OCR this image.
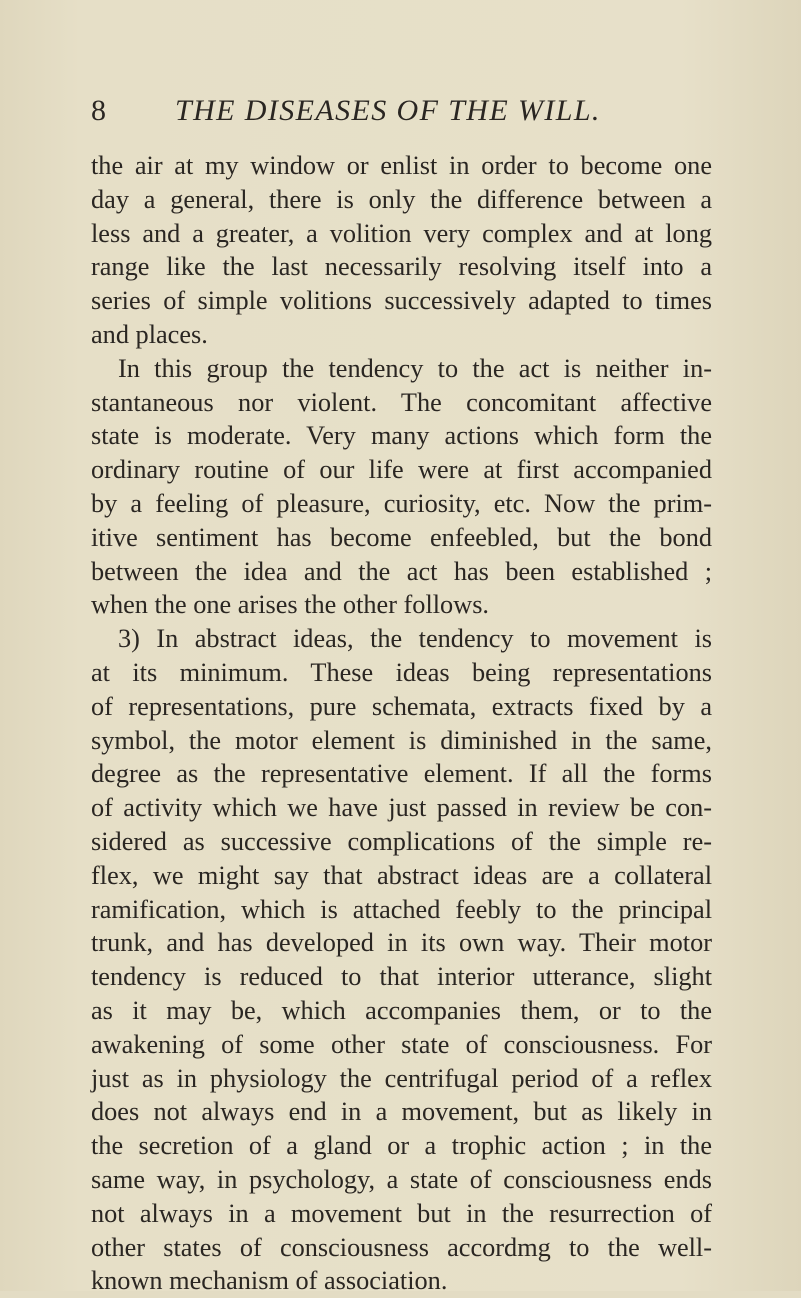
8 THE DISEASES OF THE WILL.
the air at my window or enlist in order to become one
day a general, there is only the difference between a
less and a greater, a volition very complex and at long
range like the last necessarily resolving itself into a
series of simple volitions successively adapted to times
and places.
In this group the tendency to the act is neither in-
stantaneous nor violent. The concomitant affective
state is moderate. Very many actions which form the
ordinary routine of our life were at first accompanied
by a feeling of pleasure, curiosity, etc. Now the prim-
itive sentiment has become enfeebled, but the bond
between the idea and the act has been established ;
when the one arises the other follows.
3) In abstract ideas, the tendency to movement is
at its minimum. These ideas being representations
of representations, pure schemata, extracts fixed by a
symbol, the motor element is diminished in the same,
degree as the representative element. If all the forms
of activity which we have just passed in review be con-
sidered as successive complications of the simple re-
flex, we might say that abstract ideas are a collateral
ramification, which is attached feebly to the principal
trunk, and has developed in its own way. Their motor
tendency is reduced to that interior utterance, slight
as it may be, which accompanies them, or to the
awakening of some other state of consciousness. For
just as in physiology the centrifugal period of a reflex
does not always end in a movement, but as likely in
the secretion of a gland or a trophic action ; in the
same way, in psychology, a state of consciousness ends
not always in a movement but in the resurrection of
other states of consciousness accordmg to the well-
known mechanism of association.
